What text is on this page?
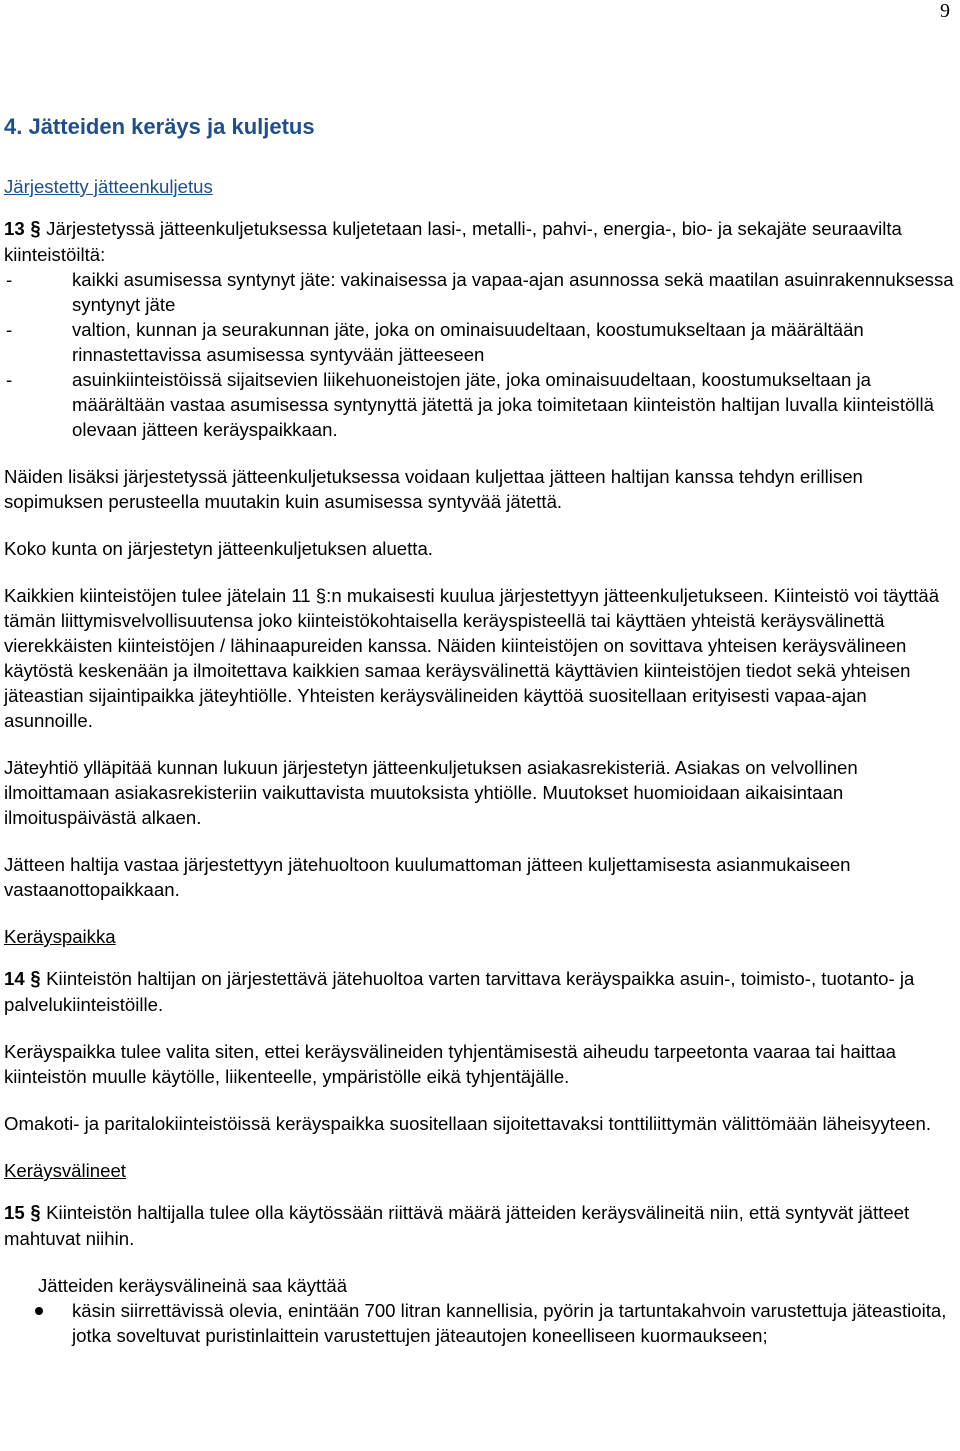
9
4. Jätteiden keräys ja kuljetus
Järjestetty jätteenkuljetus

13 § Järjestetyssä jätteenkuljetuksessa kuljetetaan lasi-, metalli-, pahvi-, energia-, bio- ja sekajäte seuraavilta kiinteistöiltä:

- kaikki asumisessa syntynyt jäte: vakinaisessa ja vapaa-ajan asunnossa sekä maatilan asuinrakennuksessa syntynyt jäte
- valtion, kunnan ja seurakunnan jäte, joka on ominaisuudeltaan, koostumukseltaan ja määrältään rinnastettavissa asumisessa syntyvään jätteeseen
- asuinkiinteistöissä sijaitsevien liikehuoneistojen jäte, joka ominaisuudeltaan, koostumukseltaan ja määrältään vastaa asumisessa syntynyttä jätettä ja joka toimitetaan kiinteistön haltijan luvalla kiinteistöllä olevaan jätteen keräyspaikkaan.

Näiden lisäksi järjestetyssä jätteenkuljetuksessa voidaan kuljettaa jätteen haltijan kanssa tehdyn erillisen sopimuksen perusteella muutakin kuin asumisessa syntyvää jätettä.

Koko kunta on järjestetyn jätteenkuljetuksen aluetta.

Kaikkien kiinteistöjen tulee jätelain 11 §:n mukaisesti kuulua järjestettyyn jätteenkuljetukseen. Kiinteistö voi täyttää tämän liittymisvelvollisuutensa joko kiinteistökohtaisella keräyspisteellä tai käyttäen yhteistä keräysvälinettä vierekkäisten kiinteistöjen / lähinaapureiden kanssa. Näiden kiinteistöjen on sovittava yhteisen keräysvälineen käytöstä keskenään ja ilmoitettava kaikkien samaa keräysvälinettä käyttävien kiinteistöjen tiedot sekä yhteisen jäteastian sijaintipaikka jäteyhtiölle. Yhteisten keräysvälineiden käyttöä suositellaan erityisesti vapaa-ajan asunnoille.

Jäteyhtiö ylläpitää kunnan lukuun järjestetyn jätteenkuljetuksen asiakasrekisteriä. Asiakas on velvollinen ilmoittamaan asiakasrekisteriin vaikuttavista muutoksista yhtiölle. Muutokset huomioidaan aikaisintaan ilmoituspäivästä alkaen.

Jätteen haltija vastaa järjestettyyn jätehuoltoon kuulumattoman jätteen kuljettamisesta asianmukaiseen vastaanottopaikkaan.

Keräyspaikka

14 § Kiinteistön haltijan on järjestettävä jätehuoltoa varten tarvittava keräyspaikka asuin-, toimisto-, tuotanto- ja palvelukiinteistöille.

Keräyspaikka tulee valita siten, ettei keräysvälineiden tyhjentämisestä aiheudu tarpeetonta vaaraa tai haittaa kiinteistön muulle käytölle, liikenteelle, ympäristölle eikä tyhjentäjälle.

Omakoti- ja paritalokiinteistöissä keräyspaikka suositellaan sijoitettavaksi tonttiliittymän välittömään läheisyyteen.

Keräysvälineet

15 § Kiinteistön haltijalla tulee olla käytössään riittävä määrä jätteiden keräysvälineitä niin, että syntyvät jätteet mahtuvat niihin.

Jätteiden keräysvälineinä saa käyttää
käsin siirrettävissä olevia, enintään 700 litran kannellisia, pyörin ja tartuntakahvoin varustettuja jäteastioita, jotka soveltuvat puristinlaittein varustettujen jäteautojen koneelliseen kuormaukseen;
